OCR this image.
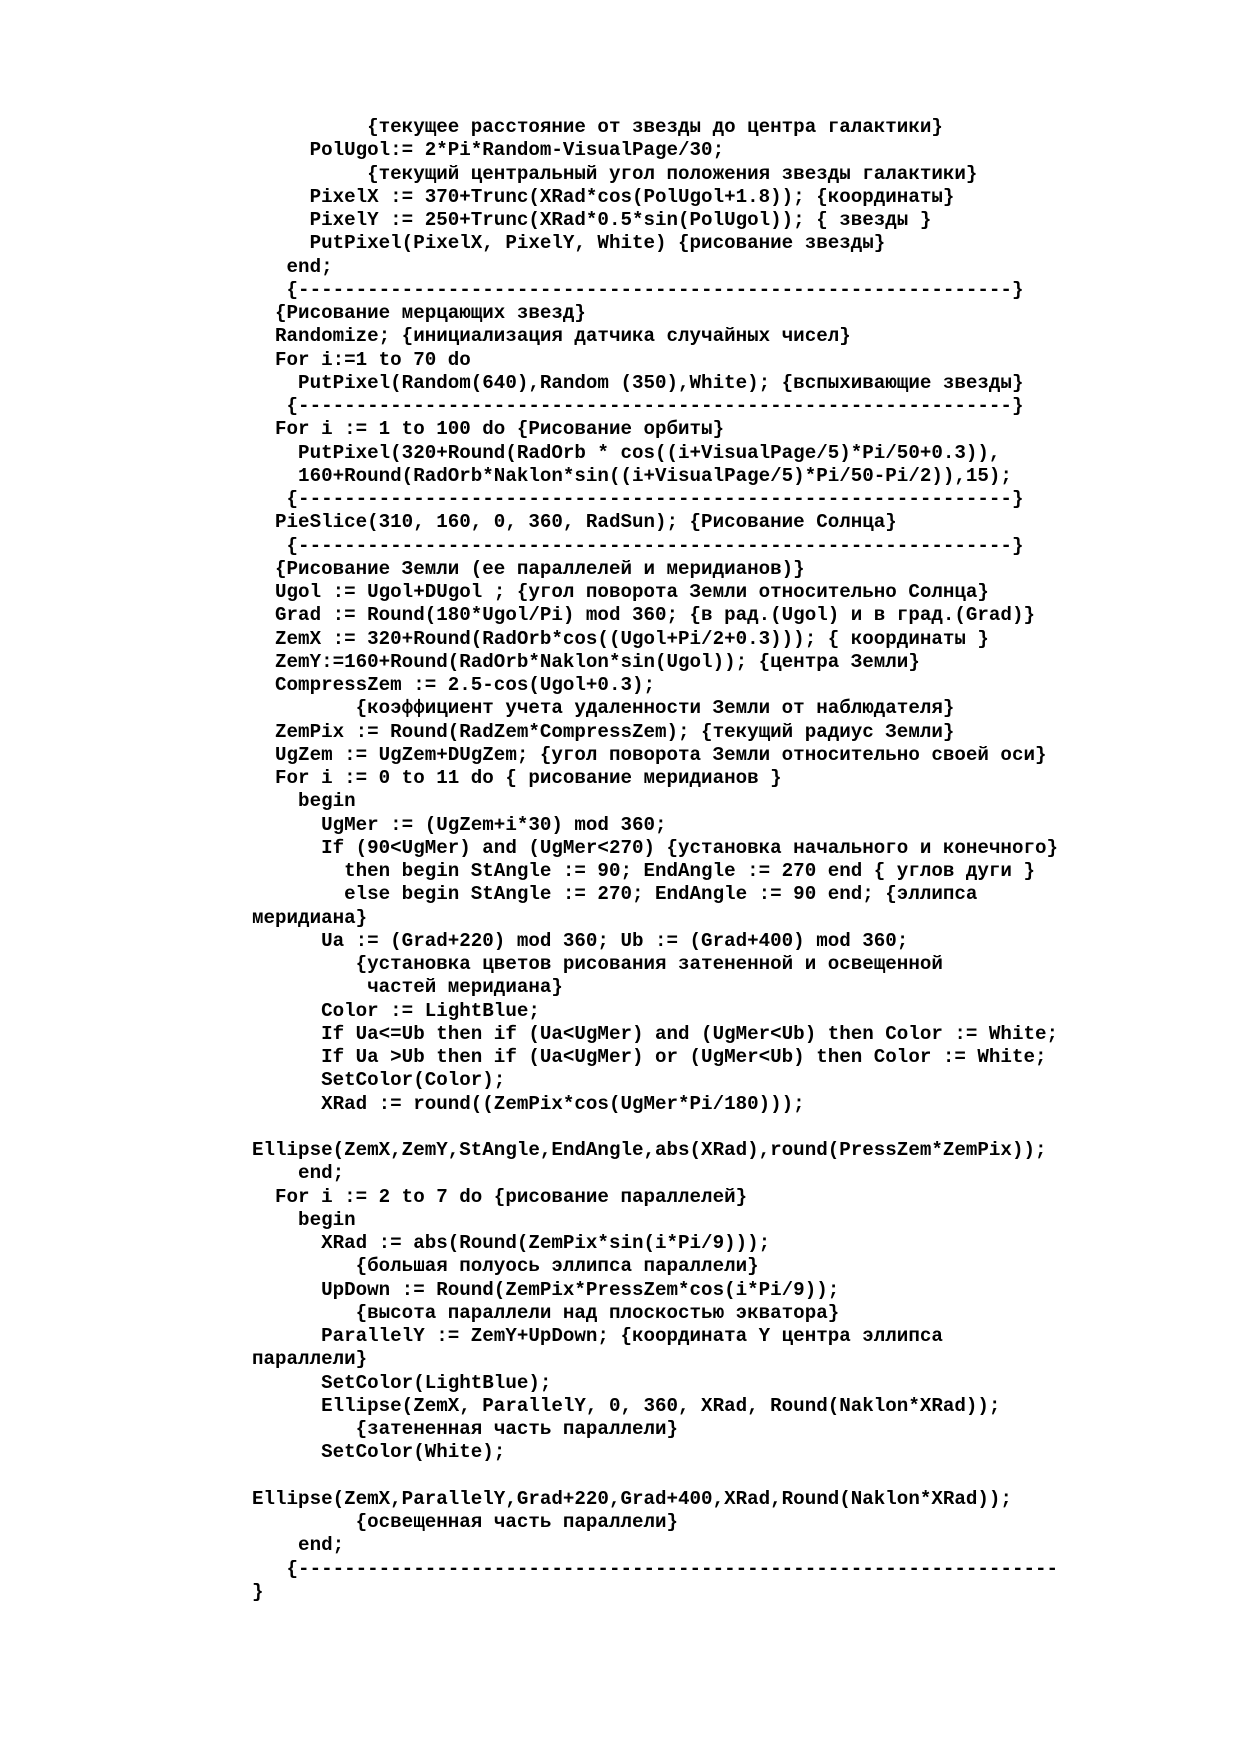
{текущее расстояние от звезды до центра галактики}
PolUgol:= 2*Pi*Random-VisualPage/30;
{текущий центральный угол положения звезды галактики}
PixelX := 370+Trunc(XRad*cos(PolUgol+1.8)); {координаты}
PixelY := 250+Trunc(XRad*0.5*sin(PolUgol)); { звезды }
PutPixel(PixelX, PixelY, White) {рисование звезды}
end;
{--------------------------------------------------------------}
{Рисование мерцающих звезд}
Randomize; {инициализация датчика случайных чисел}
For i:=1 to 70 do
PutPixel(Random(640),Random (350),White); {вспыхивающие звезды}
{--------------------------------------------------------------}
For i := 1 to 100 do {Рисование орбиты}
PutPixel(320+Round(RadOrb * cos((i+VisualPage/5)*Pi/50+0.3)),
160+Round(RadOrb*Naklon*sin((i+VisualPage/5)*Pi/50-Pi/2)),15);
{--------------------------------------------------------------}
PieSlice(310, 160, 0, 360, RadSun); {Рисование Солнца}
{--------------------------------------------------------------}
{Рисование Земли (ее параллелей и меридианов)}
Ugol := Ugol+DUgol ; {угол поворота Земли относительно Солнца}
Grad := Round(180*Ugol/Pi) mod 360; {в рад.(Ugol) и в град.(Grad)}
ZemX := 320+Round(RadOrb*cos((Ugol+Pi/2+0.3))); { координаты }
ZemY:=160+Round(RadOrb*Naklon*sin(Ugol)); {центра Земли}
CompressZem := 2.5-cos(Ugol+0.3);
{коэффициент учета удаленности Земли от наблюдателя}
ZemPix := Round(RadZem*CompressZem); {текущий радиус Земли}
UgZem := UgZem+DUgZem; {угол поворота Земли относительно своей оси}
For i := 0 to 11 do { рисование меридианов }
begin
UgMer := (UgZem+i*30) mod 360;
If (90<UgMer) and (UgMer<270) {установка начального и конечного}
then begin StAngle := 90; EndAngle := 270 end { углов дуги }
else begin StAngle := 270; EndAngle := 90 end; {эллипса
меридиана}
Ua := (Grad+220) mod 360; Ub := (Grad+400) mod 360;
{установка цветов рисования затененной и освещенной
частей меридиана}
Color := LightBlue;
If Ua<=Ub then if (Ua<UgMer) and (UgMer<Ub) then Color := White;
If Ua >Ub then if (Ua<UgMer) or (UgMer<Ub) then Color := White;
SetColor(Color);
XRad := round((ZemPix*cos(UgMer*Pi/180)));
Ellipse(ZemX,ZemY,StAngle,EndAngle,abs(XRad),round(PressZem*ZemPix));
end;
For i := 2 to 7 do {рисование параллелей}
begin
XRad := abs(Round(ZemPix*sin(i*Pi/9)));
{большая полуось эллипса параллели}
UpDown := Round(ZemPix*PressZem*cos(i*Pi/9));
{высота параллели над плоскостью экватора}
ParallelY := ZemY+UpDown; {координата Y центра эллипса
параллели}
SetColor(LightBlue);
Ellipse(ZemX, ParallelY, 0, 360, XRad, Round(Naklon*XRad));
{затененная часть параллели}
SetColor(White);
Ellipse(ZemX,ParallelY,Grad+220,Grad+400,XRad,Round(Naklon*XRad));
{освещенная часть параллели}
end;
{------------------------------------------------------------------
}
